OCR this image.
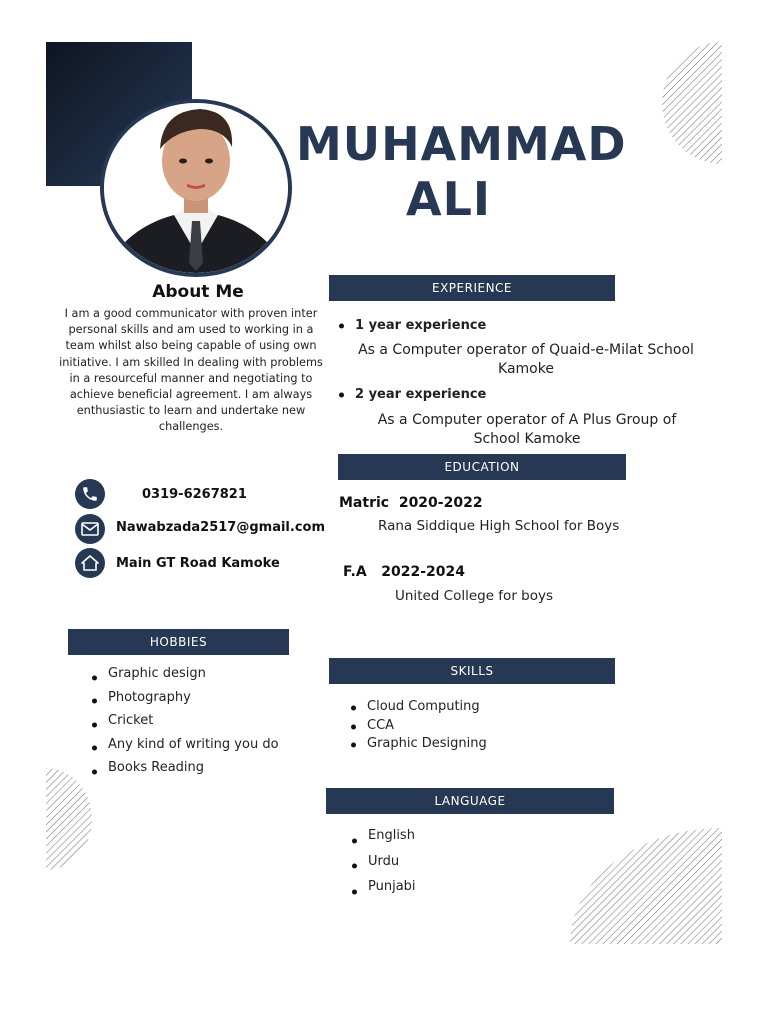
MUHAMMAD
ALI
About Me
I am a good communicator with proven inter personal skills and am used to working in a team whilst also being capable of using own initiative. I am skilled In dealing with problems in a resourceful manner and negotiating to achieve beneficial agreement. I am always enthusiastic to learn and undertake new challenges.
0319-6267821
Nawabzada2517@gmail.com
Main GT Road Kamoke
HOBBIES
Graphic design
Photography
Cricket
Any kind of writing you do
Books Reading
EXPERIENCE
1 year experience
As a Computer operator of Quaid-e-Milat School Kamoke
2 year experience
As a Computer operator of A Plus Group of School Kamoke
EDUCATION
Matric  2020-2022
Rana Siddique High School for Boys
F.A   2022-2024
United College for boys
SKILLS
Cloud Computing
CCA
Graphic Designing
LANGUAGE
English
Urdu
Punjabi
